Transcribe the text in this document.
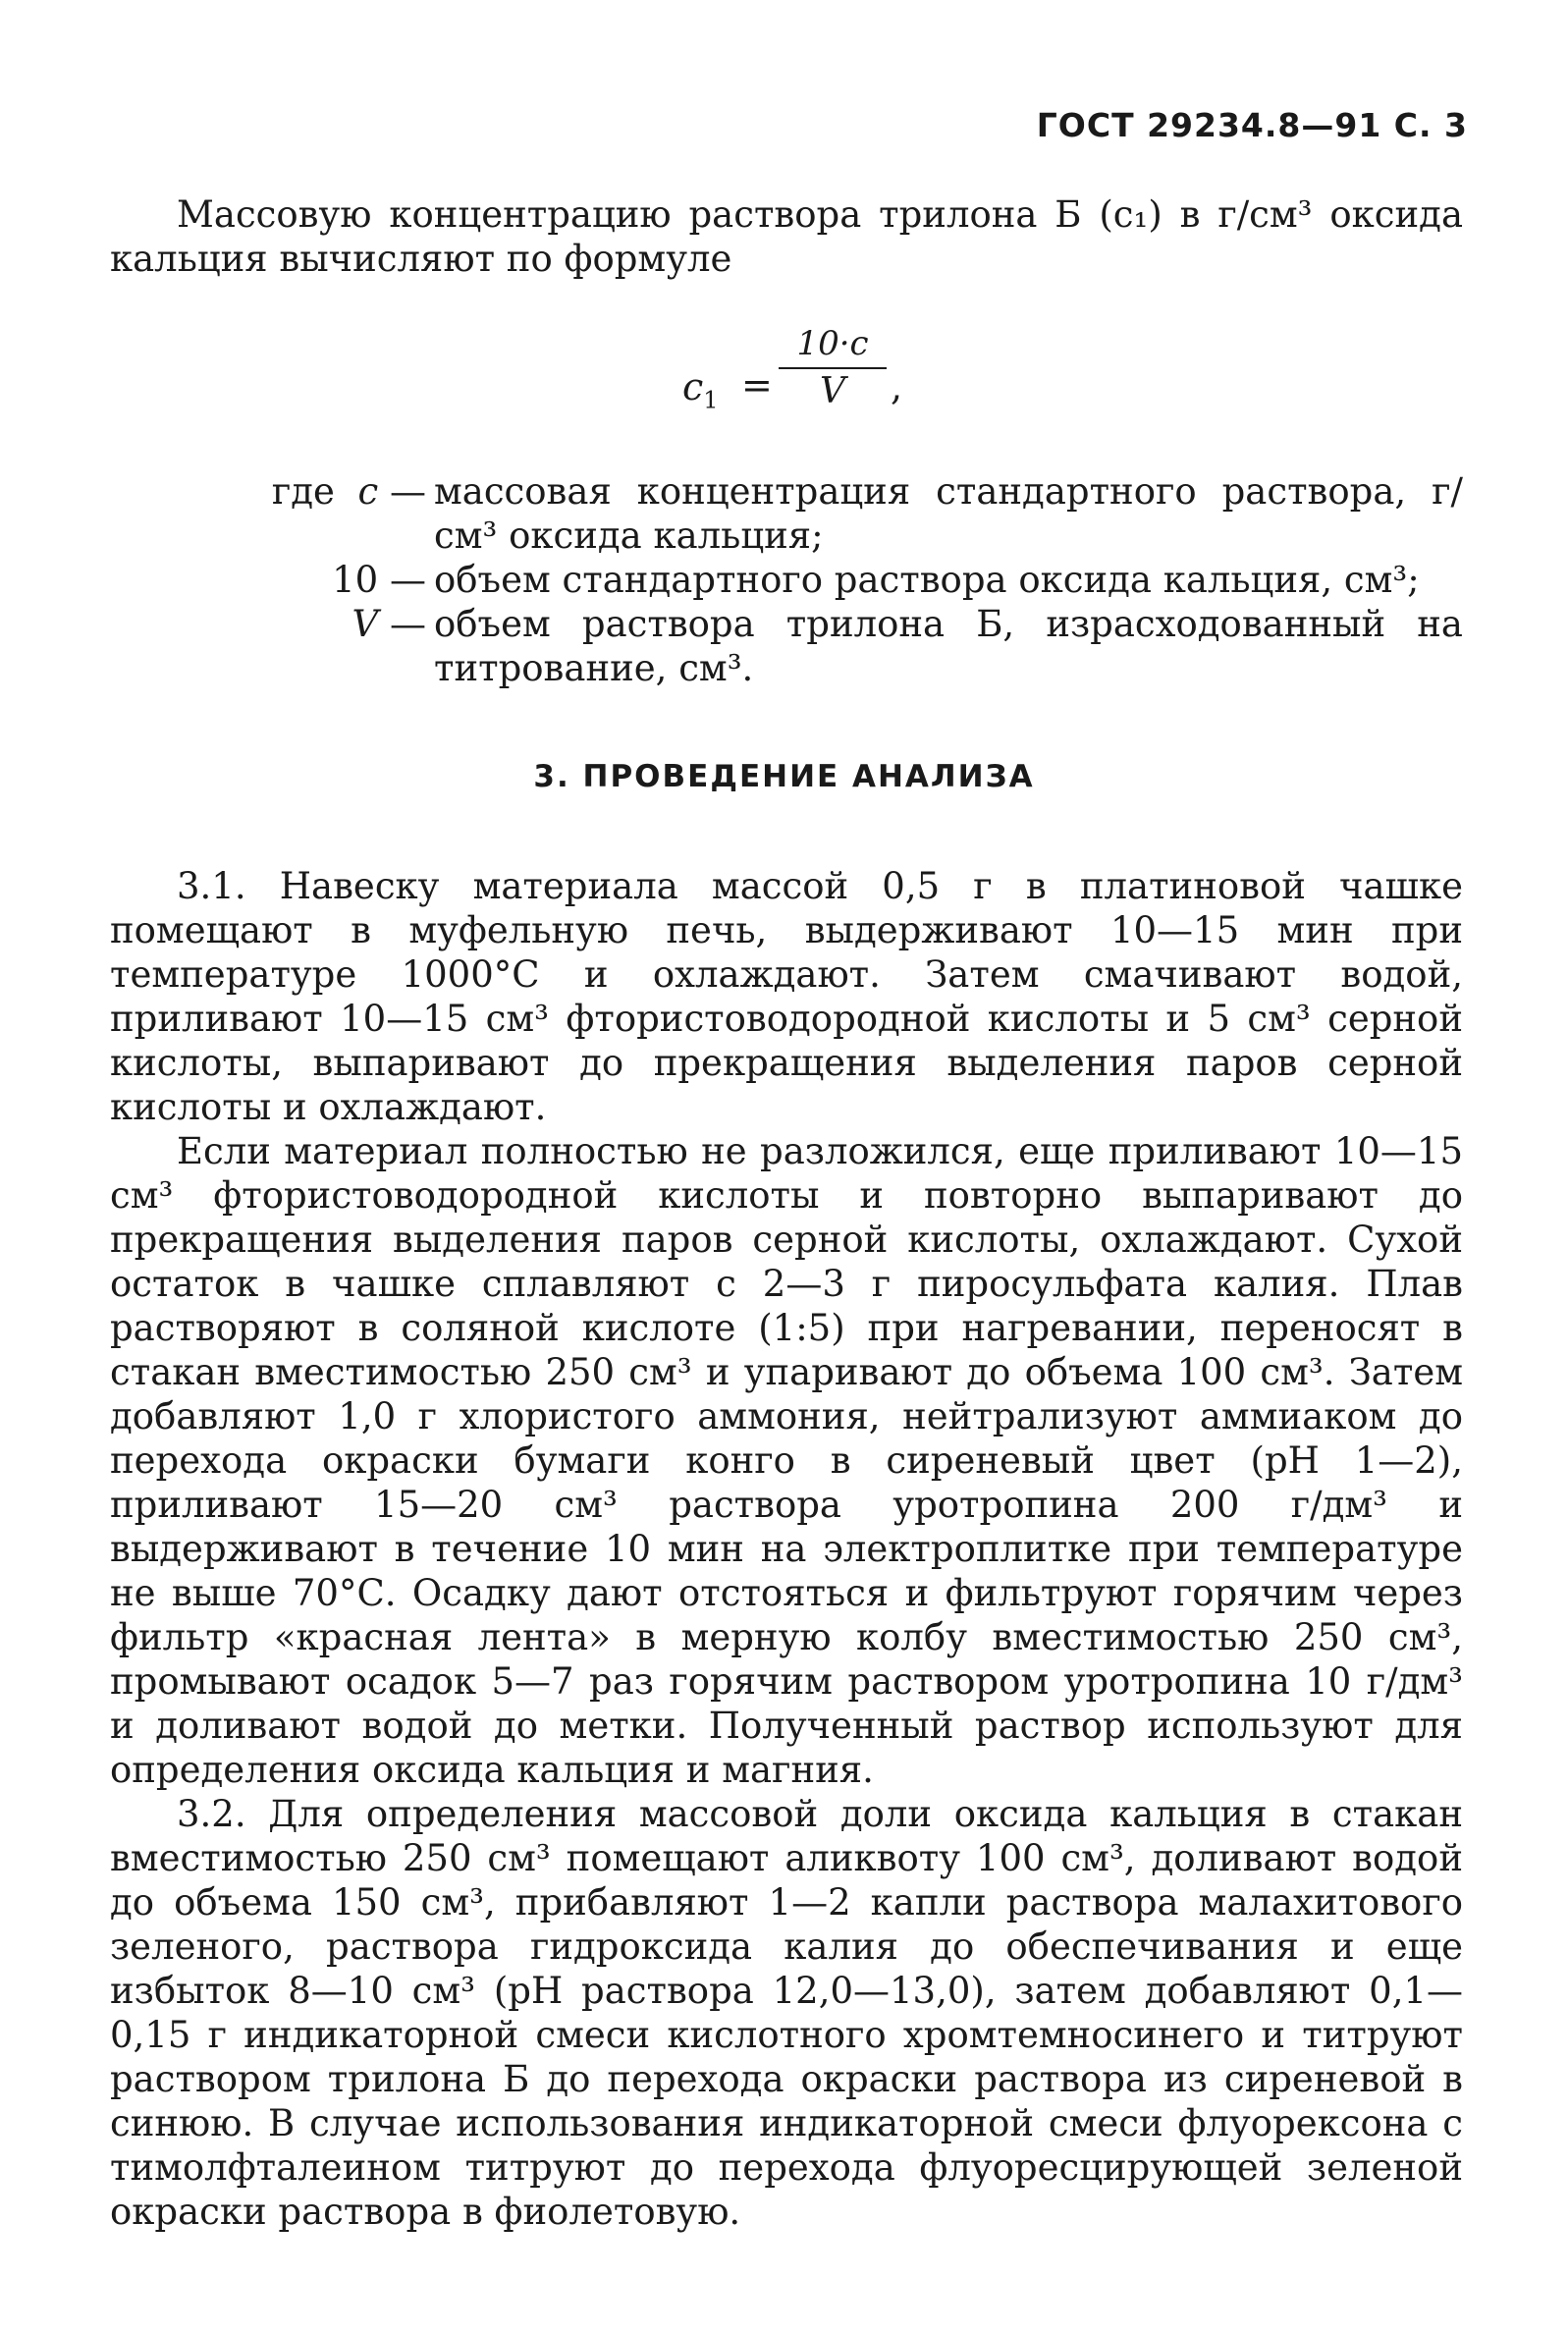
ГОСТ 29234.8—91 С. 3

Массовую концентрацию раствора трилона Б (c₁) в г/см³ оксида кальция вычисляют по формуле

$c_1 = \frac{10\cdot c}{V}$ ,
где c — массовая концентрация стандартного раствора, г/см³ оксида кальция;
10 — объем стандартного раствора оксида кальция, см³;
V — объем раствора трилона Б, израсходованный на титрование, см³.
3. ПРОВЕДЕНИЕ АНАЛИЗА

3.1. Навеску материала массой 0,5 г в платиновой чашке помещают в муфельную печь, выдерживают 10—15 мин при температуре 1000°С и охлаждают. Затем смачивают водой, приливают 10—15 см³ фтористоводородной кислоты и 5 см³ серной кислоты, выпаривают до прекращения выделения паров серной кислоты и охлаждают.

Если материал полностью не разложился, еще приливают 10—15 см³ фтористоводородной кислоты и повторно выпаривают до прекращения выделения паров серной кислоты, охлаждают. Сухой остаток в чашке сплавляют с 2—3 г пиросульфата калия. Плав растворяют в соляной кислоте (1:5) при нагревании, переносят в стакан вместимостью 250 см³ и упаривают до объема 100 см³. Затем добавляют 1,0 г хлористого аммония, нейтрализуют аммиаком до перехода окраски бумаги конго в сиреневый цвет (рН 1—2), приливают 15—20 см³ раствора уротропина 200 г/дм³ и выдерживают в течение 10 мин на электроплитке при температуре не выше 70°С. Осадку дают отстояться и фильтруют горячим через фильтр «красная лента» в мерную колбу вместимостью 250 см³, промывают осадок 5—7 раз горячим раствором уротропина 10 г/дм³ и доливают водой до метки. Полученный раствор используют для определения оксида кальция и магния.

3.2. Для определения массовой доли оксида кальция в стакан вместимостью 250 см³ помещают аликвоту 100 см³, доливают водой до объема 150 см³, прибавляют 1—2 капли раствора малахитового зеленого, раствора гидроксида калия до обеспечивания и еще избыток 8—10 см³ (рН раствора 12,0—13,0), затем добавляют 0,1—0,15 г индикаторной смеси кислотного хромтемносинего и титруют раствором трилона Б до перехода окраски раствора из сиреневой в синюю. В случае использования индикаторной смеси флуорексона с тимолфталеином титруют до перехода флуоресцирующей зеленой окраски раствора в фиолетовую.
